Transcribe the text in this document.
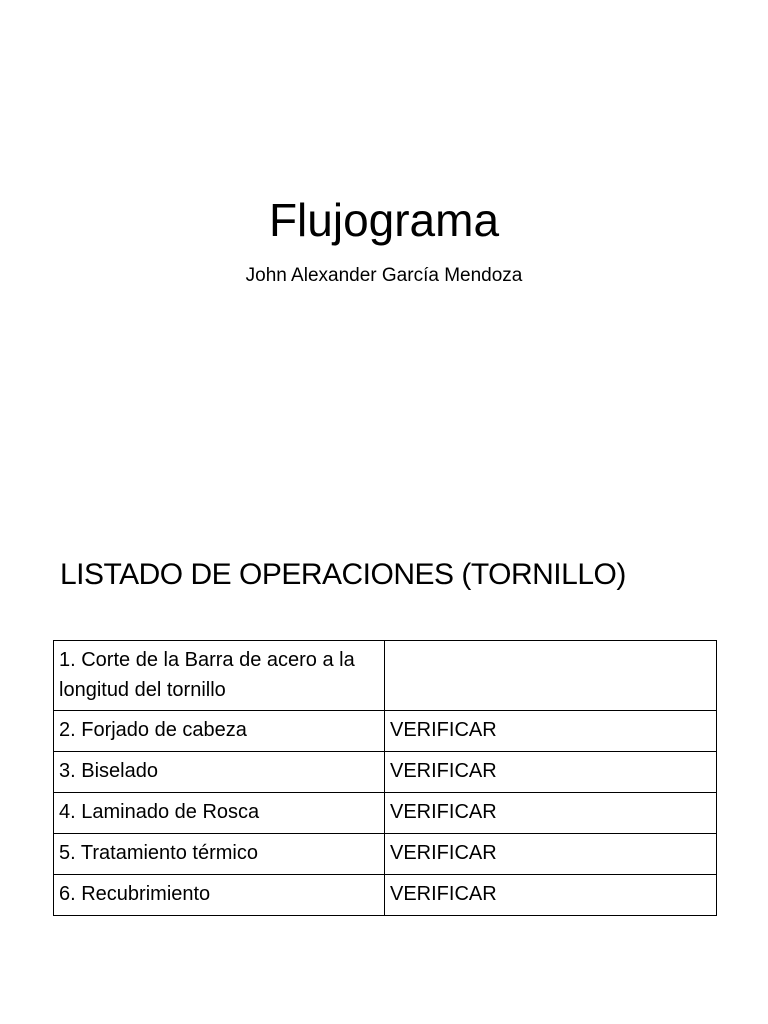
Flujograma

John Alexander García Mendoza

LISTADO DE OPERACIONES (TORNILLO)
1. Corte de la Barra de acero a la longitud del tornillo	
2. Forjado de cabeza	VERIFICAR
3. Biselado	VERIFICAR
4. Laminado de Rosca	VERIFICAR
5. Tratamiento térmico	VERIFICAR
6. Recubrimiento	VERIFICAR
